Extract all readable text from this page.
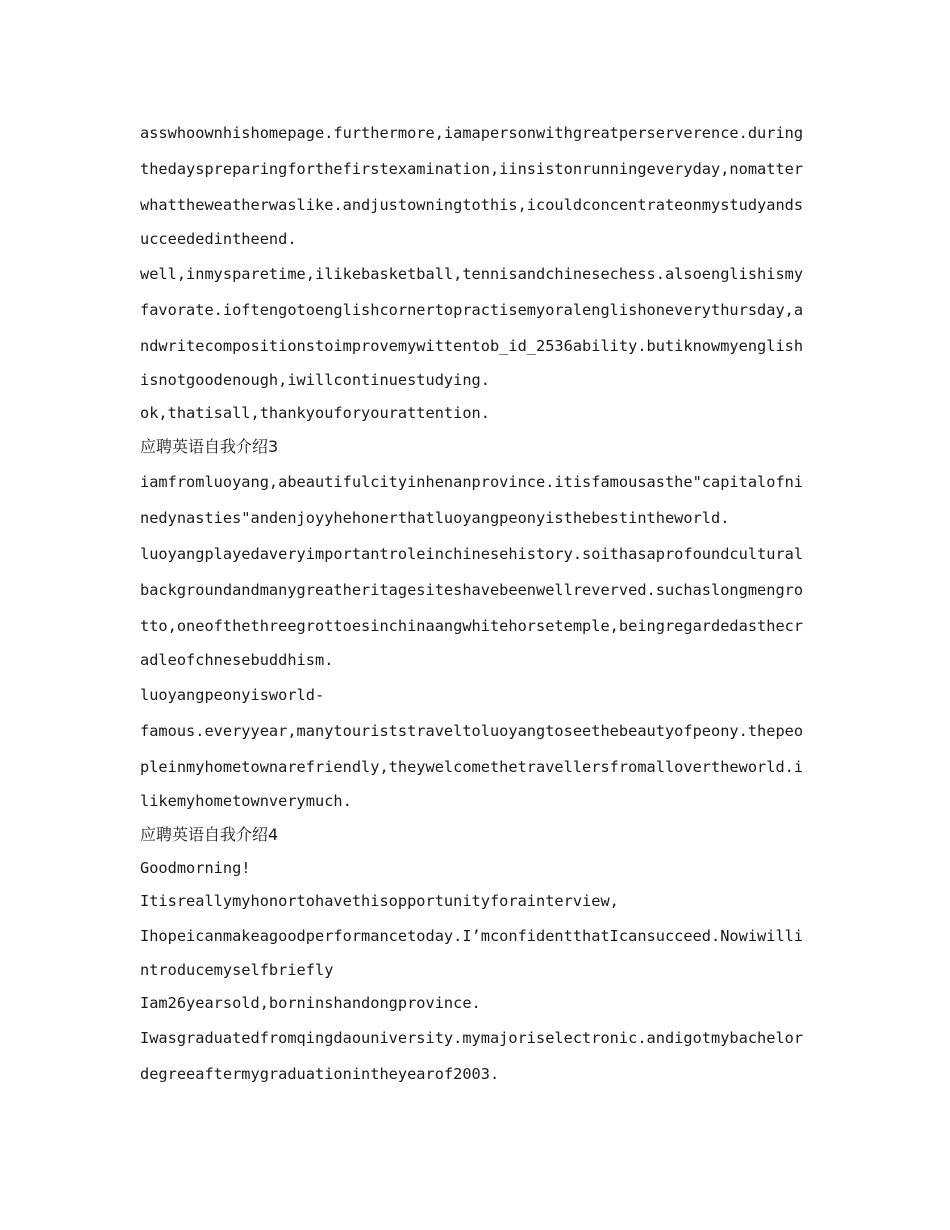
asswhoownhishomepage.furthermore,iamapersonwithgreatperserverence.during
thedayspreparingforthefirstexamination,iinsistonrunningeveryday,nomatter
whattheweatherwaslike.andjustowningtothis,icouldconcentrateonmystudyands
ucceededintheend.
well,inmysparetime,ilikebasketball,tennisandchinesechess.alsoenglishismy
favorate.ioftengotoenglishcornertopractisemyoralenglishoneverythursday,a
ndwritecompositionstoimprovemywittentob_id_2536ability.butiknowmyenglish
isnotgoodenough,iwillcontinuestudying.
ok,thatisall,thankyouforyourattention.
应聘英语自我介绍3
iamfromluoyang,abeautifulcityinhenanprovince.itisfamousasthe"capitalofni
nedynasties"andenjoyyhehonerthatluoyangpeonyisthebestintheworld.
luoyangplayedaveryimportantroleinchinesehistory.soithasaprofoundcultural
backgroundandmanygreatheritagesiteshavebeenwellreverved.suchaslongmengro
tto,oneofthethreegrottoesinchinaangwhitehorsetemple,beingregardedasthecr
adleofchnesebuddhism.
luoyangpeonyisworld-
famous.everyyear,manytouriststraveltoluoyangtoseethebeautyofpeony.thepeo
pleinmyhometownarefriendly,theywelcomethetravellersfromallovertheworld.i
likemyhometownverymuch.
应聘英语自我介绍4
Goodmorning!
Itisreallymyhonortohavethisopportunityforainterview,
Ihopeicanmakeagoodperformancetoday.I’mconfidentthatIcansucceed.Nowiwilli
ntroducemyselfbriefly
Iam26yearsold,borninshandongprovince.
Iwasgraduatedfromqingdaouniversity.mymajoriselectronic.andigotmybachelor
degreeaftermygraduationintheyearof2003.
